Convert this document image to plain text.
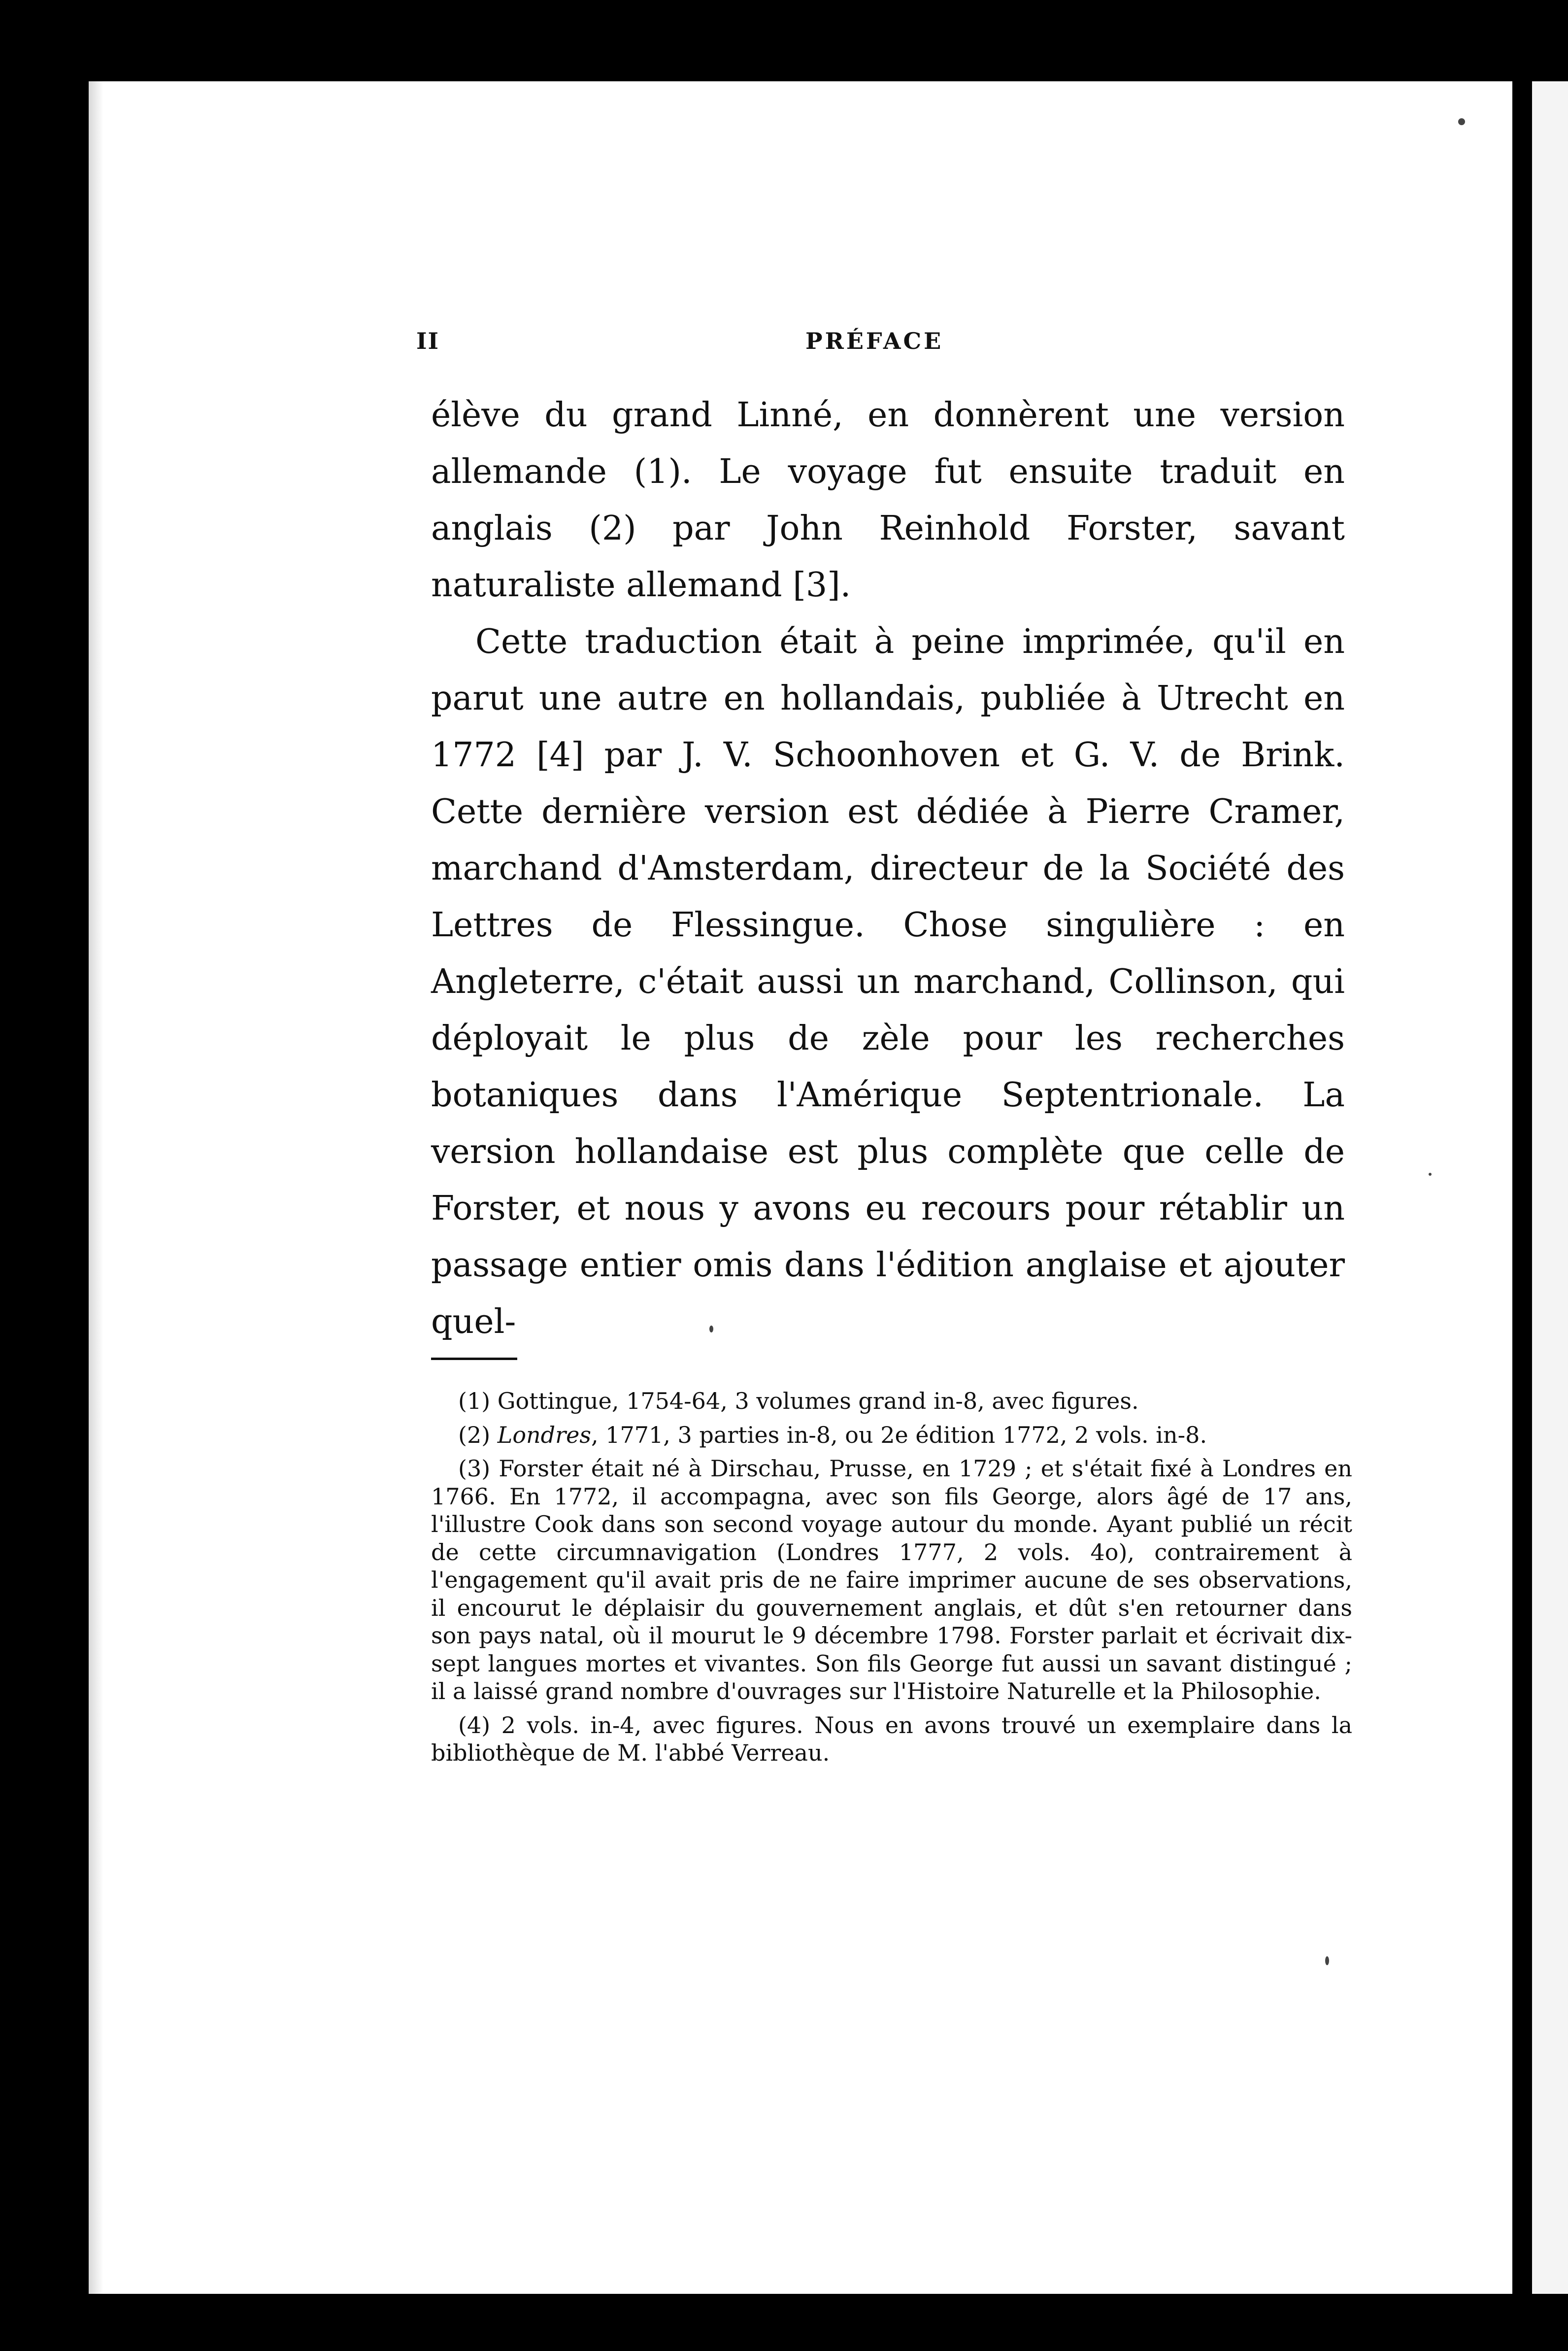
II	PRÉFACE

élève du grand Linné, en donnèrent une version allemande (1). Le voyage fut ensuite traduit en anglais (2) par John Reinhold Forster, savant naturaliste allemand [3].

Cette traduction était à peine imprimée, qu'il en parut une autre en hollandais, publiée à Utrecht en 1772 [4] par J. V. Schoonhoven et G. V. de Brink. Cette dernière version est dédiée à Pierre Cramer, marchand d'Amsterdam, directeur de la Société des Lettres de Flessingue. Chose singulière : en Angleterre, c'était aussi un marchand, Collinson, qui déployait le plus de zèle pour les recherches botaniques dans l'Amérique Septentrionale. La version hollandaise est plus complète que celle de Forster, et nous y avons eu recours pour rétablir un passage entier omis dans l'édition anglaise et ajouter quel-

(1) Gottingue, 1754-64, 3 volumes grand in-8, avec figures.

(2) Londres, 1771, 3 parties in-8, ou 2e édition 1772, 2 vols. in-8.

(3) Forster était né à Dirschau, Prusse, en 1729 ; et s'était fixé à Londres en 1766. En 1772, il accompagna, avec son fils George, alors âgé de 17 ans, l'illustre Cook dans son second voyage autour du monde. Ayant publié un récit de cette circumnavigation (Londres 1777, 2 vols. 4o), contrairement à l'engagement qu'il avait pris de ne faire imprimer aucune de ses observations, il encourut le déplaisir du gouvernement anglais, et dût s'en retourner dans son pays natal, où il mourut le 9 décembre 1798. Forster parlait et écrivait dix-sept langues mortes et vivantes. Son fils George fut aussi un savant distingué ; il a laissé grand nombre d'ouvrages sur l'Histoire Naturelle et la Philosophie.

(4) 2 vols. in-4, avec figures. Nous en avons trouvé un exemplaire dans la bibliothèque de M. l'abbé Verreau.
